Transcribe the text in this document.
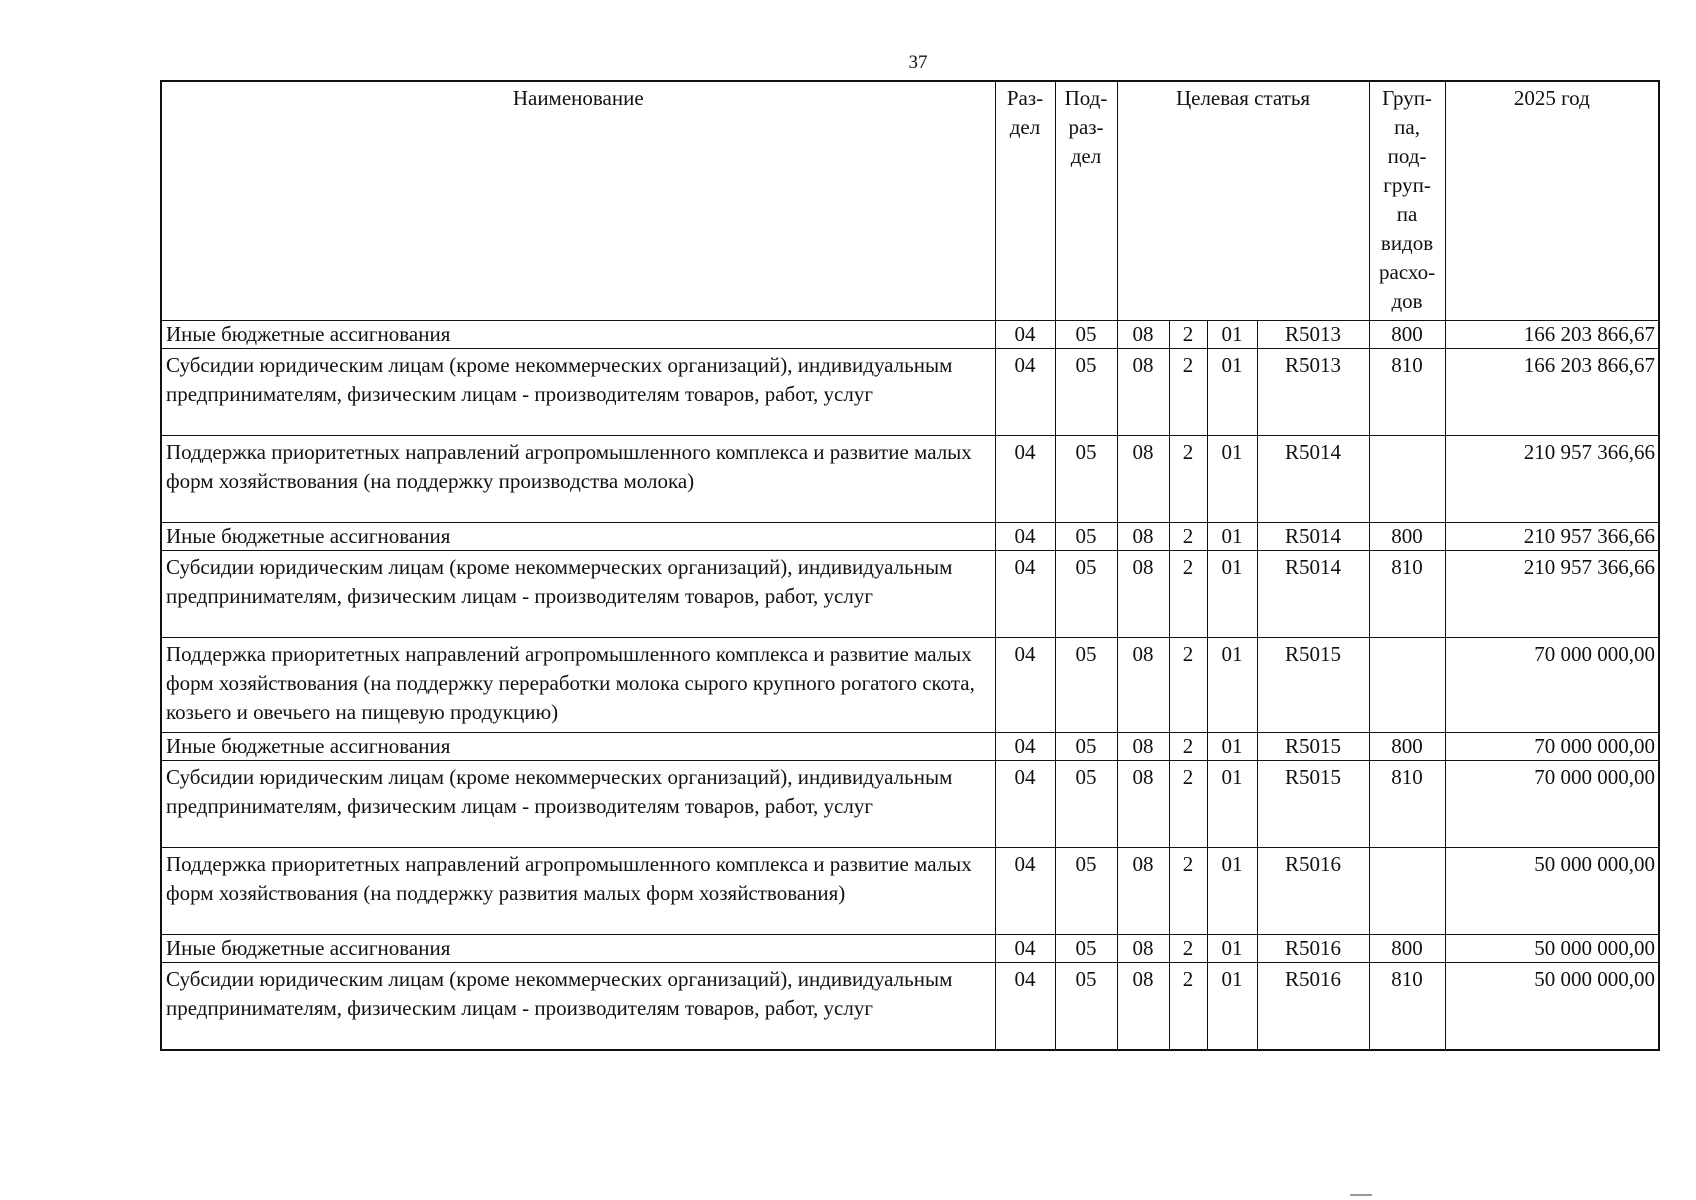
37
Наименование	Раз-дел	Под-раз-дел	Целевая статья				Груп-па, под-груп-па видов расхо-дов	2025 год
Иные бюджетные ассигнования	04	05	08	2	01	R5013	800	166 203 866,67
Субсидии юридическим лицам (кроме некоммерческих организаций), индивидуальным предпринимателям, физическим лицам - производителям товаров, работ, услуг	04	05	08	2	01	R5013	810	166 203 866,67
Поддержка приоритетных направлений агропромышленного комплекса и развитие малых форм хозяйствования (на поддержку производства молока)	04	05	08	2	01	R5014		210 957 366,66
Иные бюджетные ассигнования	04	05	08	2	01	R5014	800	210 957 366,66
Субсидии юридическим лицам (кроме некоммерческих организаций), индивидуальным предпринимателям, физическим лицам - производителям товаров, работ, услуг	04	05	08	2	01	R5014	810	210 957 366,66
Поддержка приоритетных направлений агропромышленного комплекса и развитие малых форм хозяйствования (на поддержку переработки молока сырого крупного рогатого скота, козьего и овечьего на пищевую продукцию)	04	05	08	2	01	R5015		70 000 000,00
Иные бюджетные ассигнования	04	05	08	2	01	R5015	800	70 000 000,00
Субсидии юридическим лицам (кроме некоммерческих организаций), индивидуальным предпринимателям, физическим лицам - производителям товаров, работ, услуг	04	05	08	2	01	R5015	810	70 000 000,00
Поддержка приоритетных направлений агропромышленного комплекса и развитие малых форм хозяйствования (на поддержку развития малых форм хозяйствования)	04	05	08	2	01	R5016		50 000 000,00
Иные бюджетные ассигнования	04	05	08	2	01	R5016	800	50 000 000,00
Субсидии юридическим лицам (кроме некоммерческих организаций), индивидуальным предпринимателям, физическим лицам - производителям товаров, работ, услуг	04	05	08	2	01	R5016	810	50 000 000,00
